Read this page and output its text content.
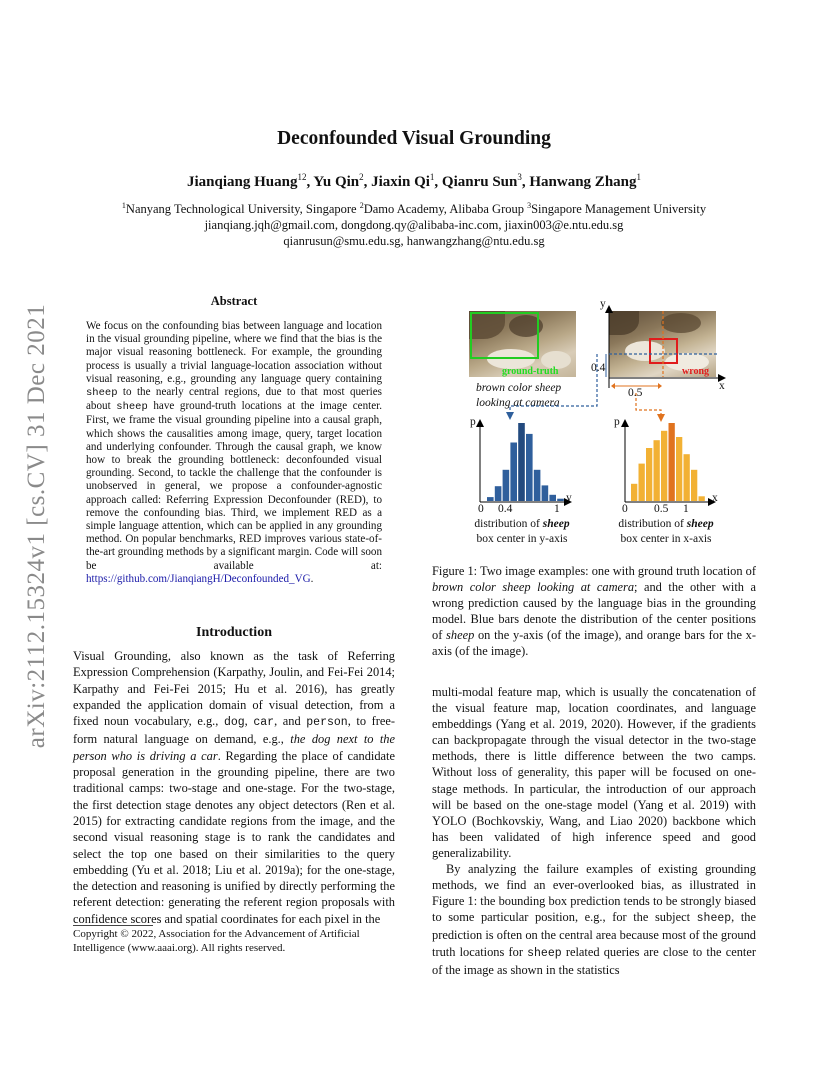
arXiv:2112.15324v1 [cs.CV] 31 Dec 2021
Deconfounded Visual Grounding
Jianqiang Huang$^{12}$, Yu Qin$^2$, Jiaxin Qi$^1$, Qianru Sun$^3$, Hanwang Zhang$^1$
$^1$Nanyang Technological University, Singapore $^2$Damo Academy, Alibaba Group $^3$Singapore Management University
jianqiang.jqh@gmail.com, dongdong.qy@alibaba-inc.com, jiaxin003@e.ntu.edu.sg
qianrusun@smu.edu.sg, hanwangzhang@ntu.edu.sg
Abstract
We focus on the confounding bias between language and location in the visual grounding pipeline, where we find that the bias is the major visual reasoning bottleneck. For example, the grounding process is usually a trivial language-location association without visual reasoning, e.g., grounding any language query containing sheep to the nearly central regions, due to that most queries about sheep have ground-truth locations at the image center. First, we frame the visual grounding pipeline into a causal graph, which shows the causalities among image, query, target location and underlying confounder. Through the causal graph, we know how to break the grounding bottleneck: deconfounded visual grounding. Second, to tackle the challenge that the confounder is unobserved in general, we propose a confounder-agnostic approach called: Referring Expression Deconfounder (RED), to remove the confounding bias. Third, we implement RED as a simple language attention, which can be applied in any grounding method. On popular benchmarks, RED improves various state-of-the-art grounding methods by a significant margin. Code will soon be available at: https://github.com/JianqiangH/Deconfounded_VG.
Introduction
Visual Grounding, also known as the task of Referring Expression Comprehension (Karpathy, Joulin, and Fei-Fei 2014; Karpathy and Fei-Fei 2015; Hu et al. 2016), has greatly expanded the application domain of visual detection, from a fixed noun vocabulary, e.g., dog, car, and person, to free-form natural language on demand, e.g., the dog next to the person who is driving a car. Regarding the place of candidate proposal generation in the grounding pipeline, there are two traditional camps: two-stage and one-stage. For the two-stage, the first detection stage denotes any object detectors (Ren et al. 2015) for extracting candidate regions from the image, and the second visual reasoning stage is to rank the candidates and select the top one based on their similarities to the query embedding (Yu et al. 2018; Liu et al. 2019a); for the one-stage, the detection and reasoning is unified by directly performing the referent detection: generating the referent region proposals with confidence scores and spatial coordinates for each pixel in the
Copyright © 2022, Association for the Advancement of Artificial Intelligence (www.aaai.org). All rights reserved.
ground-truth
brown color sheep
looking at camera
wrong
0.4
0.5
y
x
p
y
0 0.4	1
p
x
0 0.5 1
distribution of sheep
box center in y-axis
distribution of sheep
box center in x-axis
Figure 1: Two image examples: one with ground truth location of brown color sheep looking at camera; and the other with a wrong prediction caused by the language bias in the grounding model. Blue bars denote the distribution of the center positions of sheep on the y-axis (of the image), and orange bars for the x-axis (of the image).

multi-modal feature map, which is usually the concatenation of the visual feature map, location coordinates, and language embeddings (Yang et al. 2019, 2020). However, if the gradients can backpropagate through the visual detector in the two-stage methods, there is little difference between the two camps. Without loss of generality, this paper will be focused on one-stage methods. In particular, the introduction of our approach will be based on the one-stage model (Yang et al. 2019) with YOLO (Bochkovskiy, Wang, and Liao 2020) backbone which has been validated of high inference speed and good generalizability.

By analyzing the failure examples of existing grounding methods, we find an ever-overlooked bias, as illustrated in Figure 1: the bounding box prediction tends to be strongly biased to some particular position, e.g., for the subject sheep, the prediction is often on the central area because most of the ground truth locations for sheep related queries are close to the center of the image as shown in the statistics
